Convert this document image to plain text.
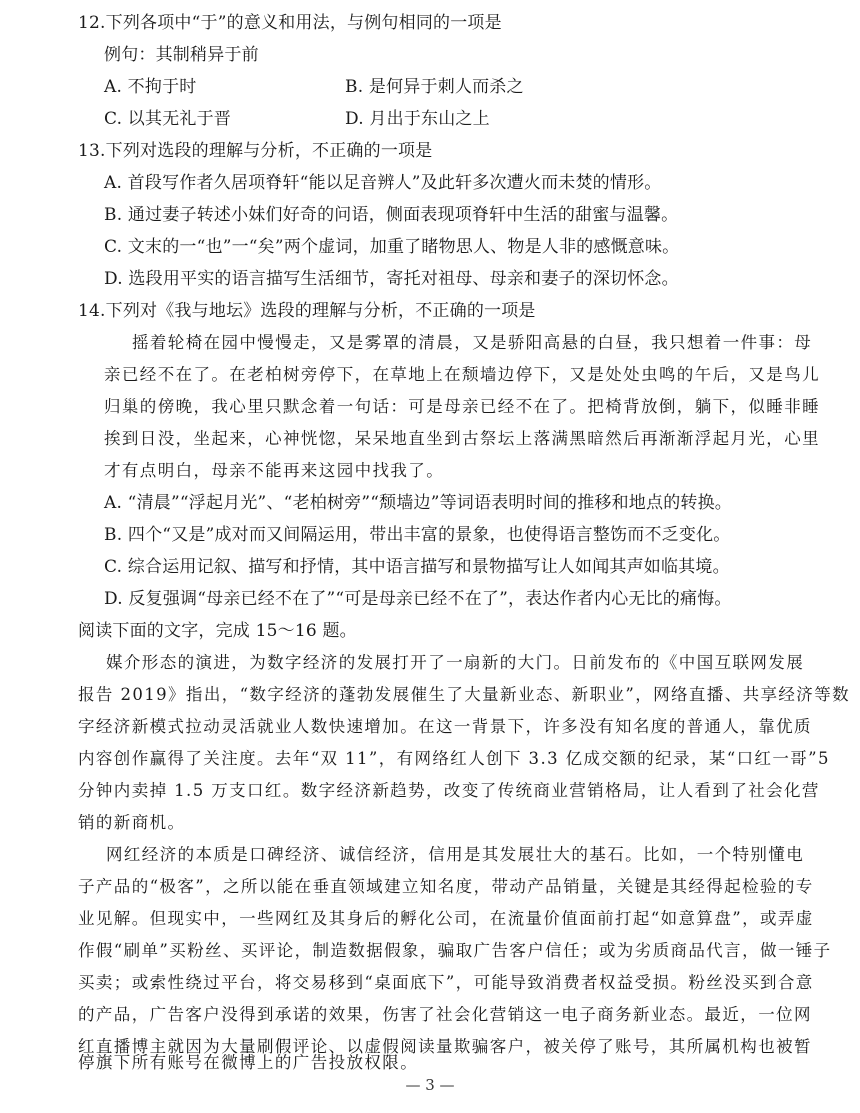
12.下列各项中“于”的意义和用法，与例句相同的一项是
例句：其制稍异于前
A. 不拘于时	B. 是何异于刺人而杀之
C. 以其无礼于晋	D. 月出于东山之上
13.下列对选段的理解与分析，不正确的一项是
A. 首段写作者久居项脊轩“能以足音辨人”及此轩多次遭火而未焚的情形。
B. 通过妻子转述小妹们好奇的问语，侧面表现项脊轩中生活的甜蜜与温馨。
C. 文末的一“也”一“矣”两个虚词，加重了睹物思人、物是人非的感慨意味。
D. 选段用平实的语言描写生活细节，寄托对祖母、母亲和妻子的深切怀念。
14.下列对《我与地坛》选段的理解与分析，不正确的一项是
摇着轮椅在园中慢慢走，又是雾罩的清晨，又是骄阳高悬的白昼，我只想着一件事：母
亲已经不在了。在老柏树旁停下，在草地上在颓墙边停下，又是处处虫鸣的午后，又是鸟儿
归巢的傍晚，我心里只默念着一句话：可是母亲已经不在了。把椅背放倒，躺下，似睡非睡
挨到日没，坐起来，心神恍惚，呆呆地直坐到古祭坛上落满黑暗然后再渐渐浮起月光，心里
才有点明白，母亲不能再来这园中找我了。
A. “清晨”“浮起月光”、“老柏树旁”“颓墙边”等词语表明时间的推移和地点的转换。
B. 四个“又是”成对而又间隔运用，带出丰富的景象，也使得语言整饬而不乏变化。
C. 综合运用记叙、描写和抒情，其中语言描写和景物描写让人如闻其声如临其境。
D. 反复强调“母亲已经不在了”“可是母亲已经不在了”，表达作者内心无比的痛悔。
阅读下面的文字，完成 15～16 题。
媒介形态的演进，为数字经济的发展打开了一扇新的大门。日前发布的《中国互联网发展
报告 2019》指出，“数字经济的蓬勃发展催生了大量新业态、新职业”，网络直播、共享经济等数
字经济新模式拉动灵活就业人数快速增加。在这一背景下，许多没有知名度的普通人，靠优质
内容创作赢得了关注度。去年“双 11”，有网络红人创下 3.3 亿成交额的纪录，某“口红一哥”5
分钟内卖掉 1.5 万支口红。数字经济新趋势，改变了传统商业营销格局，让人看到了社会化营
销的新商机。
网红经济的本质是口碑经济、诚信经济，信用是其发展壮大的基石。比如，一个特别懂电
子产品的“极客”，之所以能在垂直领域建立知名度，带动产品销量，关键是其经得起检验的专
业见解。但现实中，一些网红及其身后的孵化公司，在流量价值面前打起“如意算盘”，或弄虚
作假“刷单”买粉丝、买评论，制造数据假象，骗取广告客户信任；或为劣质商品代言，做一锤子
买卖；或索性绕过平台，将交易移到“桌面底下”，可能导致消费者权益受损。粉丝没买到合意
的产品，广告客户没得到承诺的效果，伤害了社会化营销这一电子商务新业态。最近，一位网
红直播博主就因为大量刷假评论、以虚假阅读量欺骗客户，被关停了账号，其所属机构也被暂
— 3 —
停旗下所有账号在微博上的广告投放权限。
